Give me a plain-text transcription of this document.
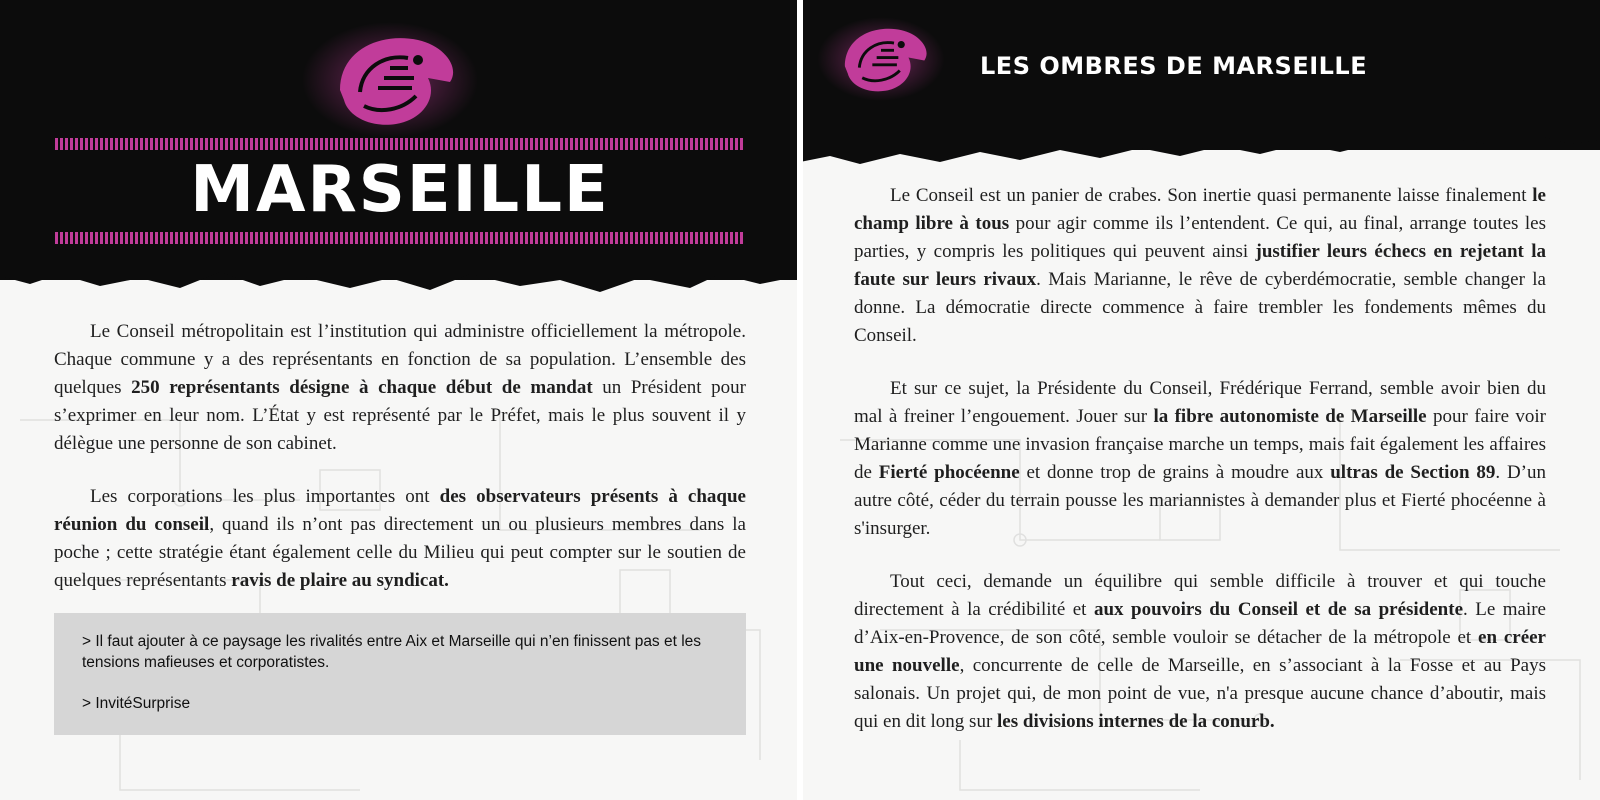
MARSEILLE

Le Conseil métropolitain est l’institution qui administre officiellement la métropole. Chaque commune y a des représentants en fonction de sa population. L’ensemble des quelques 250 représentants désigne à chaque début de mandat un Président pour s’exprimer en leur nom. L’État y est représenté par le Préfet, mais le plus souvent il y délègue une personne de son cabinet.

Les corporations les plus importantes ont des observateurs présents à chaque réunion du conseil, quand ils n’ont pas directement un ou plusieurs membres dans la poche ; cette stratégie étant également celle du Milieu qui peut compter sur le soutien de quelques représentants ravis de plaire au syndicat.

> Il faut ajouter à ce paysage les rivalités entre Aix et Marseille qui n’en finissent pas et les tensions mafieuses et corporatistes.

> InvitéSurprise

LES OMBRES DE MARSEILLE

Le Conseil est un panier de crabes. Son inertie quasi permanente laisse finalement le champ libre à tous pour agir comme ils l’entendent. Ce qui, au final, arrange toutes les parties, y compris les politiques qui peuvent ainsi justifier leurs échecs en rejetant la faute sur leurs rivaux. Mais Marianne, le rêve de cyberdémocratie, semble changer la donne. La démocratie directe commence à faire trembler les fondements mêmes du Conseil.

Et sur ce sujet, la Présidente du Conseil, Frédérique Ferrand, semble avoir bien du mal à freiner l’engouement. Jouer sur la fibre autonomiste de Marseille pour faire voir Marianne comme une invasion française marche un temps, mais fait également les affaires de Fierté phocéenne et donne trop de grains à moudre aux ultras de Section 89. D’un autre côté, céder du terrain pousse les mariannistes à demander plus et Fierté phocéenne à s'insurger.

Tout ceci, demande un équilibre qui semble difficile à trouver et qui touche directement à la crédibilité et aux pouvoirs du Conseil et de sa présidente. Le maire d’Aix-en-Provence, de son côté, semble vouloir se détacher de la métropole et en créer une nouvelle, concurrente de celle de Marseille, en s’associant à la Fosse et au Pays salonais. Un projet qui, de mon point de vue, n'a presque aucune chance d’aboutir, mais qui en dit long sur les divisions internes de la conurb.
